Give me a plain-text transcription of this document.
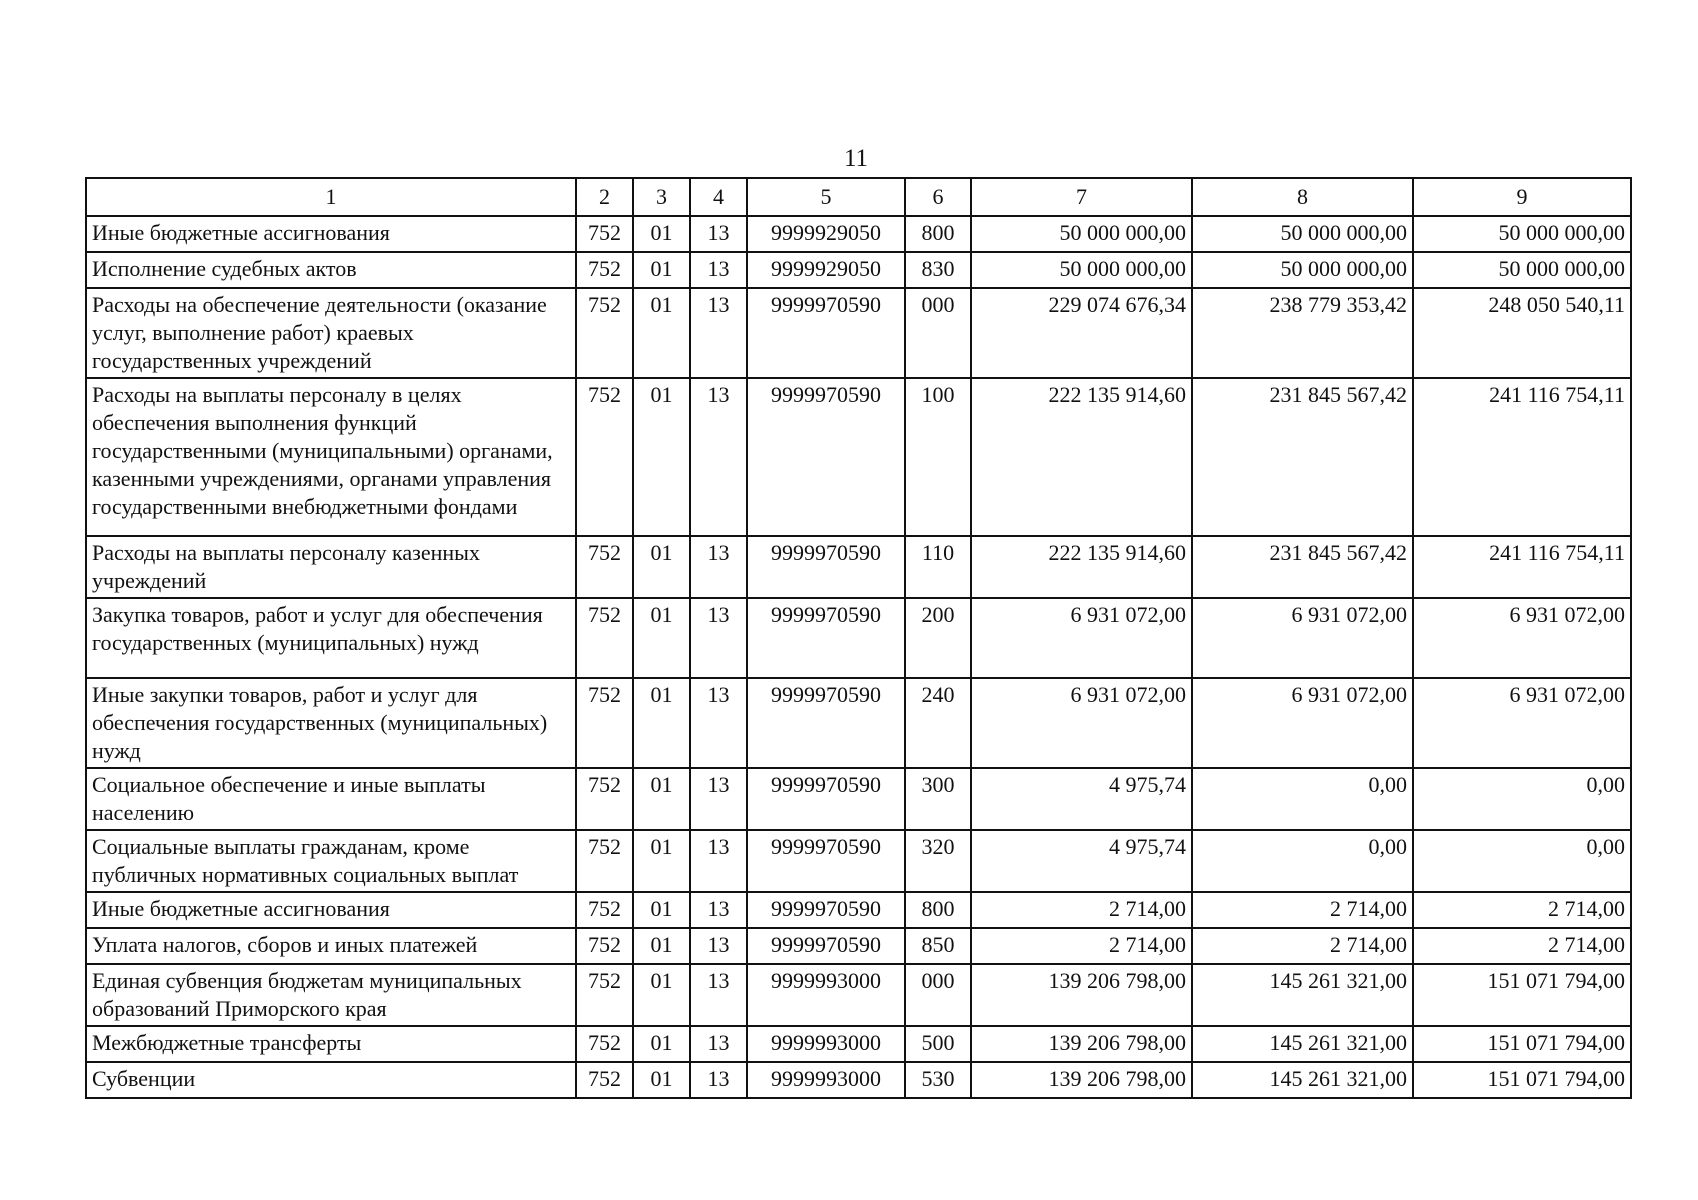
11
1	2	3	4	5	6	7	8	9
Иные бюджетные ассигнования	752	01	13	9999929050	800	50 000 000,00	50 000 000,00	50 000 000,00
Исполнение судебных актов	752	01	13	9999929050	830	50 000 000,00	50 000 000,00	50 000 000,00
Расходы на обеспечение деятельности (оказание услуг, выполнение работ) краевых государственных учреждений	752	01	13	9999970590	000	229 074 676,34	238 779 353,42	248 050 540,11
Расходы на выплаты персоналу в целях обеспечения выполнения функций государственными (муниципальными) органами, казенными учреждениями, органами управления государственными внебюджетными фондами	752	01	13	9999970590	100	222 135 914,60	231 845 567,42	241 116 754,11
Расходы на выплаты персоналу казенных учреждений	752	01	13	9999970590	110	222 135 914,60	231 845 567,42	241 116 754,11
Закупка товаров, работ и услуг для обеспечения государственных (муниципальных) нужд	752	01	13	9999970590	200	6 931 072,00	6 931 072,00	6 931 072,00
Иные закупки товаров, работ и услуг для обеспечения государственных (муниципальных) нужд	752	01	13	9999970590	240	6 931 072,00	6 931 072,00	6 931 072,00
Социальное обеспечение и иные выплаты населению	752	01	13	9999970590	300	4 975,74	0,00	0,00
Социальные выплаты гражданам, кроме публичных нормативных социальных выплат	752	01	13	9999970590	320	4 975,74	0,00	0,00
Иные бюджетные ассигнования	752	01	13	9999970590	800	2 714,00	2 714,00	2 714,00
Уплата налогов, сборов и иных платежей	752	01	13	9999970590	850	2 714,00	2 714,00	2 714,00
Единая субвенция бюджетам муниципальных образований Приморского края	752	01	13	9999993000	000	139 206 798,00	145 261 321,00	151 071 794,00
Межбюджетные трансферты	752	01	13	9999993000	500	139 206 798,00	145 261 321,00	151 071 794,00
Субвенции	752	01	13	9999993000	530	139 206 798,00	145 261 321,00	151 071 794,00
